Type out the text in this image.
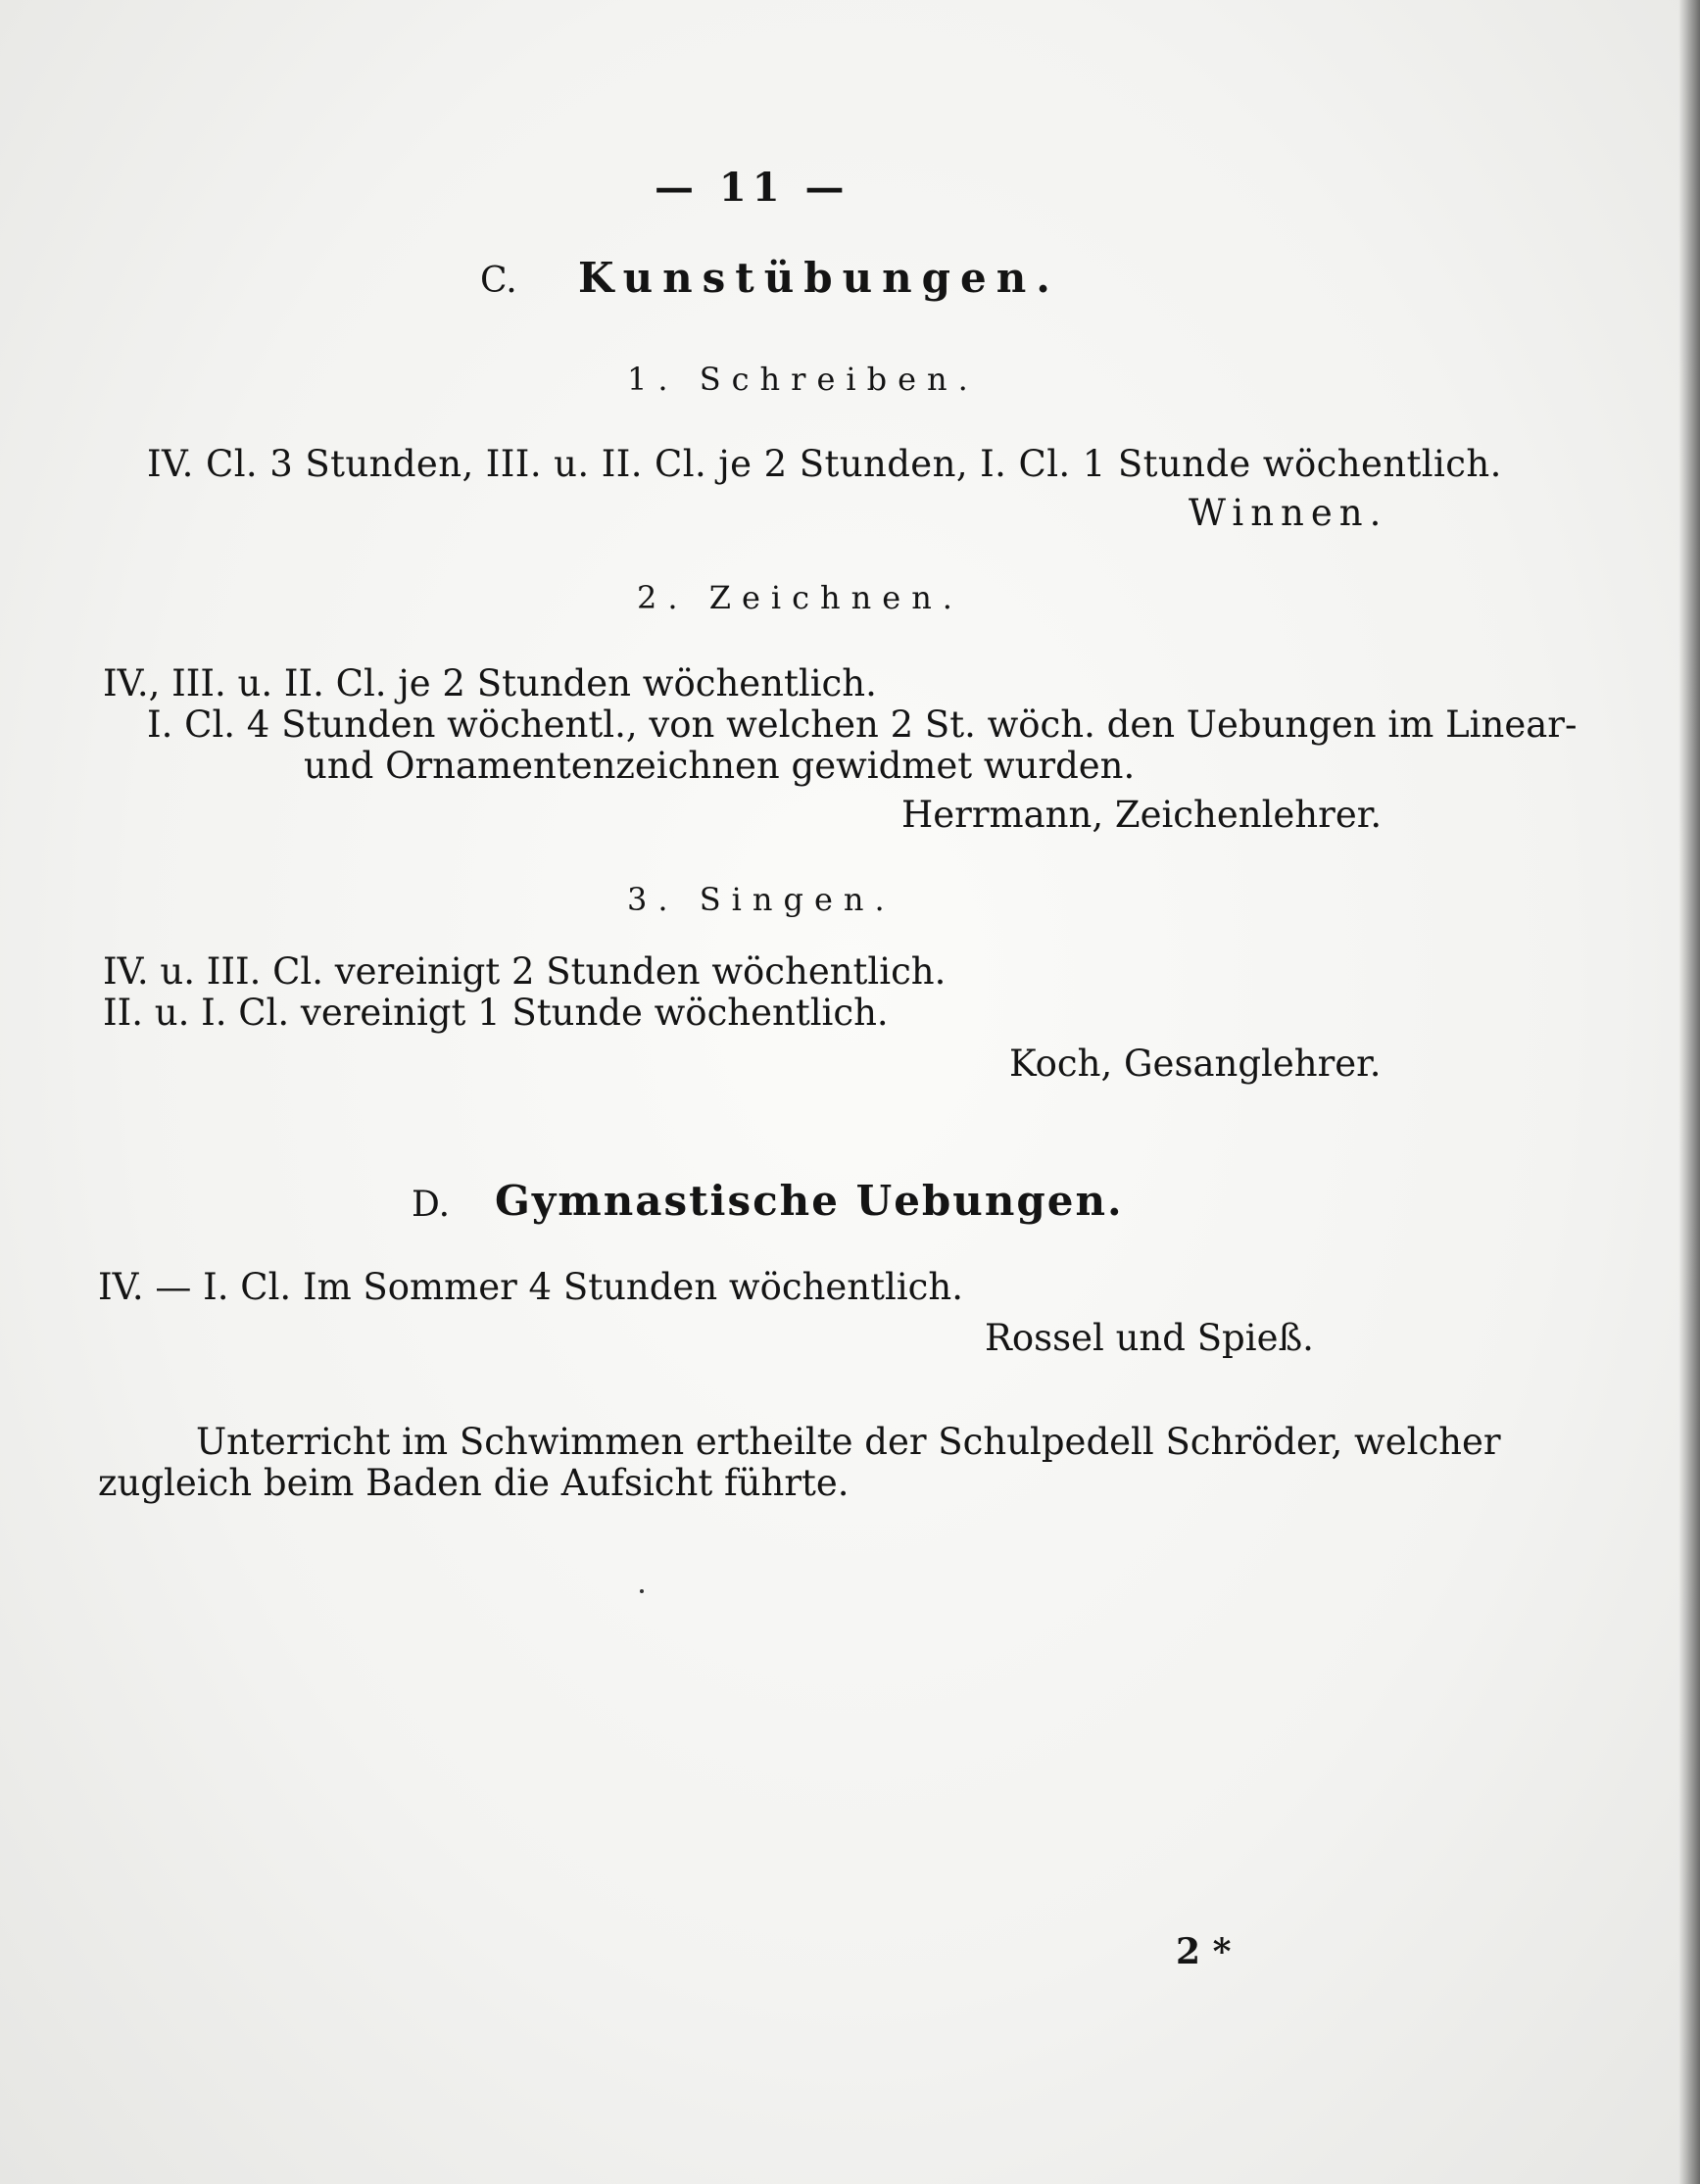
— 11 —
C. Kunstübungen.
1. Schreiben.
IV. Cl. 3 Stunden, III. u. II. Cl. je 2 Stunden, I. Cl. 1 Stunde wöchentlich.
Winnen.
2. Zeichnen.
IV., III. u. II. Cl. je 2 Stunden wöchentlich.
I. Cl. 4 Stunden wöchentl., von welchen 2 St. wöch. den Uebungen im Linear-
und Ornamentenzeichnen gewidmet wurden.
Herrmann, Zeichenlehrer.
3. Singen.
IV. u. III. Cl. vereinigt 2 Stunden wöchentlich.
II. u. I. Cl. vereinigt 1 Stunde wöchentlich.
Koch, Gesanglehrer.
D. Gymnastische Uebungen.
IV. — I. Cl. Im Sommer 4 Stunden wöchentlich.
Rossel und Spieß.
Unterricht im Schwimmen ertheilte der Schulpedell Schröder, welcher
zugleich beim Baden die Aufsicht führte.
2 *
